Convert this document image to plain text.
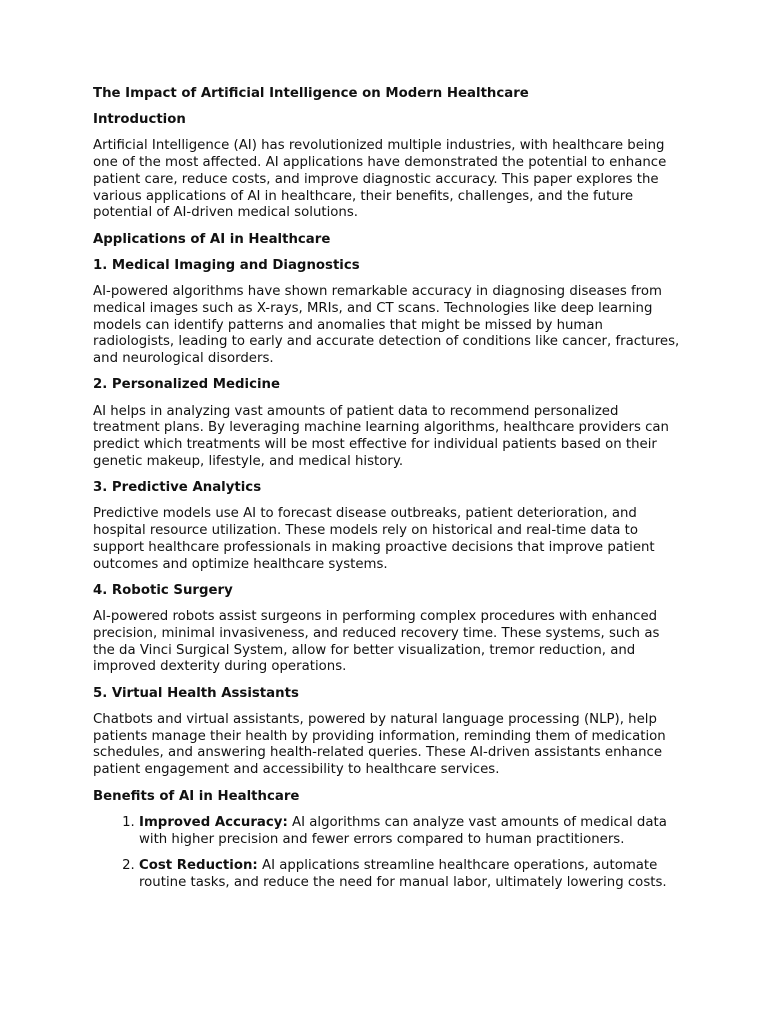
The Impact of Artificial Intelligence on Modern Healthcare
Introduction

Artificial Intelligence (AI) has revolutionized multiple industries, with healthcare being one of the most affected. AI applications have demonstrated the potential to enhance patient care, reduce costs, and improve diagnostic accuracy. This paper explores the various applications of AI in healthcare, their benefits, challenges, and the future potential of AI-driven medical solutions.

Applications of AI in Healthcare
1. Medical Imaging and Diagnostics

AI-powered algorithms have shown remarkable accuracy in diagnosing diseases from medical images such as X-rays, MRIs, and CT scans. Technologies like deep learning models can identify patterns and anomalies that might be missed by human radiologists, leading to early and accurate detection of conditions like cancer, fractures, and neurological disorders.

2. Personalized Medicine

AI helps in analyzing vast amounts of patient data to recommend personalized treatment plans. By leveraging machine learning algorithms, healthcare providers can predict which treatments will be most effective for individual patients based on their genetic makeup, lifestyle, and medical history.

3. Predictive Analytics

Predictive models use AI to forecast disease outbreaks, patient deterioration, and hospital resource utilization. These models rely on historical and real-time data to support healthcare professionals in making proactive decisions that improve patient outcomes and optimize healthcare systems.

4. Robotic Surgery

AI-powered robots assist surgeons in performing complex procedures with enhanced precision, minimal invasiveness, and reduced recovery time. These systems, such as the da Vinci Surgical System, allow for better visualization, tremor reduction, and improved dexterity during operations.

5. Virtual Health Assistants

Chatbots and virtual assistants, powered by natural language processing (NLP), help patients manage their health by providing information, reminding them of medication schedules, and answering health-related queries. These AI-driven assistants enhance patient engagement and accessibility to healthcare services.

Benefits of AI in Healthcare
1. Improved Accuracy: AI algorithms can analyze vast amounts of medical data with higher precision and fewer errors compared to human practitioners.
2. Cost Reduction: AI applications streamline healthcare operations, automate routine tasks, and reduce the need for manual labor, ultimately lowering costs.
